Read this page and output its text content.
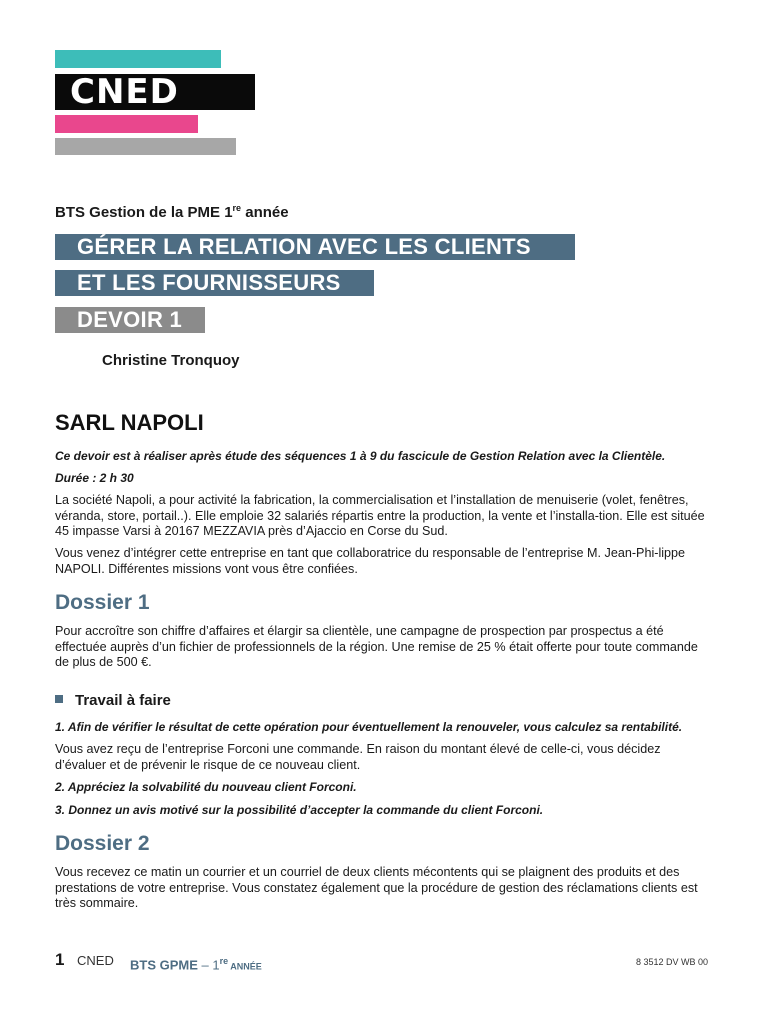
CNED
BTS Gestion de la PME 1re année
GÉRER LA RELATION AVEC LES CLIENTS
ET LES FOURNISSEURS
DEVOIR 1
Christine Tronquoy
SARL NAPOLI
Ce devoir est à réaliser après étude des séquences 1 à 9 du fascicule de Gestion Relation avec la Clientèle.
Durée : 2 h 30
La société Napoli, a pour activité la fabrication, la commercialisation et l’installation de menuiserie (volet, fenêtres, véranda, store, portail..). Elle emploie 32 salariés répartis entre la production, la vente et l’installa-tion. Elle est située 45 impasse Varsi à 20167 MEZZAVIA près d’Ajaccio en Corse du Sud.
Vous venez d’intégrer cette entreprise en tant que collaboratrice du responsable de l’entreprise M. Jean-Phi-lippe NAPOLI. Différentes missions vont vous être confiées.
Dossier 1
Pour accroître son chiffre d’affaires et élargir sa clientèle, une campagne de prospection par prospectus a été effectuée auprès d’un fichier de professionnels de la région. Une remise de 25 % était offerte pour toute commande de plus de 500 €.
Travail à faire
1. Afin de vérifier le résultat de cette opération pour éventuellement la renouveler, vous calculez sa rentabilité.
Vous avez reçu de l’entreprise Forconi une commande. En raison du montant élevé de celle-ci, vous décidez d’évaluer et de prévenir le risque de ce nouveau client.
2. Appréciez la solvabilité du nouveau client Forconi.
3. Donnez un avis motivé sur la possibilité d’accepter la commande du client Forconi.
Dossier 2
Vous recevez ce matin un courrier et un courriel de deux clients mécontents qui se plaignent des produits et des prestations de votre entreprise. Vous constatez également que la procédure de gestion des réclamations clients est très sommaire.
1 CNED BTS GPME – 1re ANNÉE	8 3512 DV WB 00
